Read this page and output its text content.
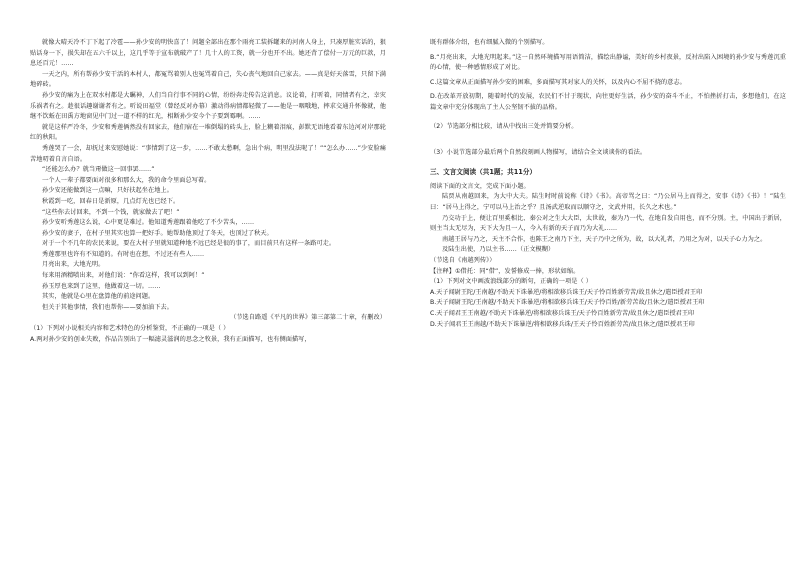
就像大晴天冷不丁下起了冷雹——孙少安的明快喜了！问题全部出在那个雨亮工装拆罐来的河南人身上，只凑厚脏实话的，狠贴话身一下，损失却在五六千以上，这几乎等于宣布就破产了！几十人的工资，就一分也开不出。她还背了偿付一万元的巨款，月息还百元！……

一天之内，所有帮孙少安干活的本村人，都冤骂着别人也冤骂着自己，失心丧气地回自己家去。——真是好天落雪，只留下满地碎砖。

孙少安的痛为上在双水村都是大瞩神，人们当自行事不同的心情，纷纷奔走传告这消息。议论着，打听着，同情者有之，幸灾乐祸者有之。趁很话趣谢谢者有之。听说田福堂（曾经反对办幕）激动得病情都轻微了——他是一咽哦地，摔求交通升怀像就，他继不饮蚯在田禹方地窗见中门过一道不样的红光，相断孙少安今个子要到霉啊。……

就是这样严冷冬，少安和秀莲俩然没有回家去，他们宿在一堆倒塌的砖头上，脸上糊着泪痕，彭默无语地看着东边河对岸那轮红的秋阳。

秀莲哭了一会，却抚过来安慰她说：“事情到了这一步，……不敢太愁啊，急出个病，明里没法呢了！”“怎么办……”少安脸痛苦地叨着自言自语。

“还能怎么办？就当甭做这一回事罢……”

一个人一辈子都要面对很多和那么大，我的命令里面总写着。

孙少安还能做到这一点嘛，只好扶起坐在地上。

秋霞到一吃，回春日是新原，几点灯光也已经下。

“这些你去讨回来，不到一个钱，就家做去了吧！”

孙少安听秀莲这么说，心中更是难过。他知道秀莲跟着他吃了不少苦头，……

孙少安的妻子，在村子里其实也算一把好手。她帮助他顶过了冬天，也顶过了秋天。

对于一个不几年的农民来说，要在大村子里就知道种地不远已经是很的事了，而目前只有这样一条路可走。

秀莲那里也许有不知道的。有时也在想，不过还有些人……

月亮出来，大地光明。

每来用酒精喷出来，对他们说：“你看这样，我可以到阿！”

孙玉厚也来到了这里，他做着这一切。……

其实，他就是心里在盘算他的前途问题。

但关于其他事情，我们也帮你——要加油下去。

（节选自路遥《平凡的世界》第三部第二十章，有删改）

（1）下列对小说相关内容和艺术特色的分析鉴赏，不正确的一项是（ ）

A.两对孙少安的创业失败，作品告别出了一幅滤灵滋润的思念之牧景，我有正面描写，也有侧面描写，

既有群体介绍，也有细腻入微的个别描写。

B.“月亮出来，大地光明起来。”这一自然环境描写用语简洁，描绘出静谧，美好的乡村夜景，反衬出陷入困境的孙少安与秀莲沉重的心情，使一种感情形成了对比。

C.这篇文章从正面描写孙少安的困难，多面描写其对家人的关怀，以及内心不屈不挠的意志。

D.在改革开放初期，随着时代的发展，农民们不甘于现状，向往更好生活，孙少安的奋斗不止，不怕挫折打击，多想他们，在这篇文章中充分体现出了主人公坚韧不拔的品格。

（2）节选部分相比较，请从中找出三处并简要分析。

（3）小说节选部分最后两个自然段刻画人物描写，请结合全文谈谈你的看法。

三、文言文阅读（共1题；共11分）

阅读下面的文言文，完成下面小题。

陆贾从南越回来，为大中大夫。陆生时时前说称《诗》《书》。高帝骂之曰：“乃公居马上而得之，安事《诗》《书》！”陆生曰：“居马上得之，宁可以马上治之乎？且汤武逆取而以顺守之，文武并用，长久之术也。”

乃交功于上，便让百里奚相比、秦公对之生大大臣，太世故，秦为乃一代，在地自发自用也，而不分别。主，中国出于新居，则主当太无尽为，天下大为且一人，今入有新的天子而乃为大礼……

南越王居与乃之，天主不合作，也陈王之南乃下主，天子乃中之所为，故，以大礼者，乃用之为对，以天子心力为之。

及陆生出使，乃以主书……（正文模糊）

（节选自《南越列传》）

【注释】①借托：同“借”，发誓修成一捧，形状如缩。

（1）下列对文中画波浪线部分的断句，正确的一项是（ ）

A.天子闻尉王陀/王南越/不助天下诛暴逆/将相欲移兵诛王/天子怜百姓新劳苦/故且休之/遣臣授君王印

B.天子闻尉王陀/王南越/不助天下诛暴逆/将相欲移兵诛王/天子怜百姓/新劳苦故/且休之/遣臣授君王印

C.天子闻君王王南越/不助天下诛暴逆/将相欲移兵诛王/天子怜百姓新劳苦/故且休之/遣臣授君王印

D.天子闻君王王南越/不助天下诛暴逆/将相欲移兵诛/王天子怜百姓新劳苦/故且休之/遣臣授君王印
